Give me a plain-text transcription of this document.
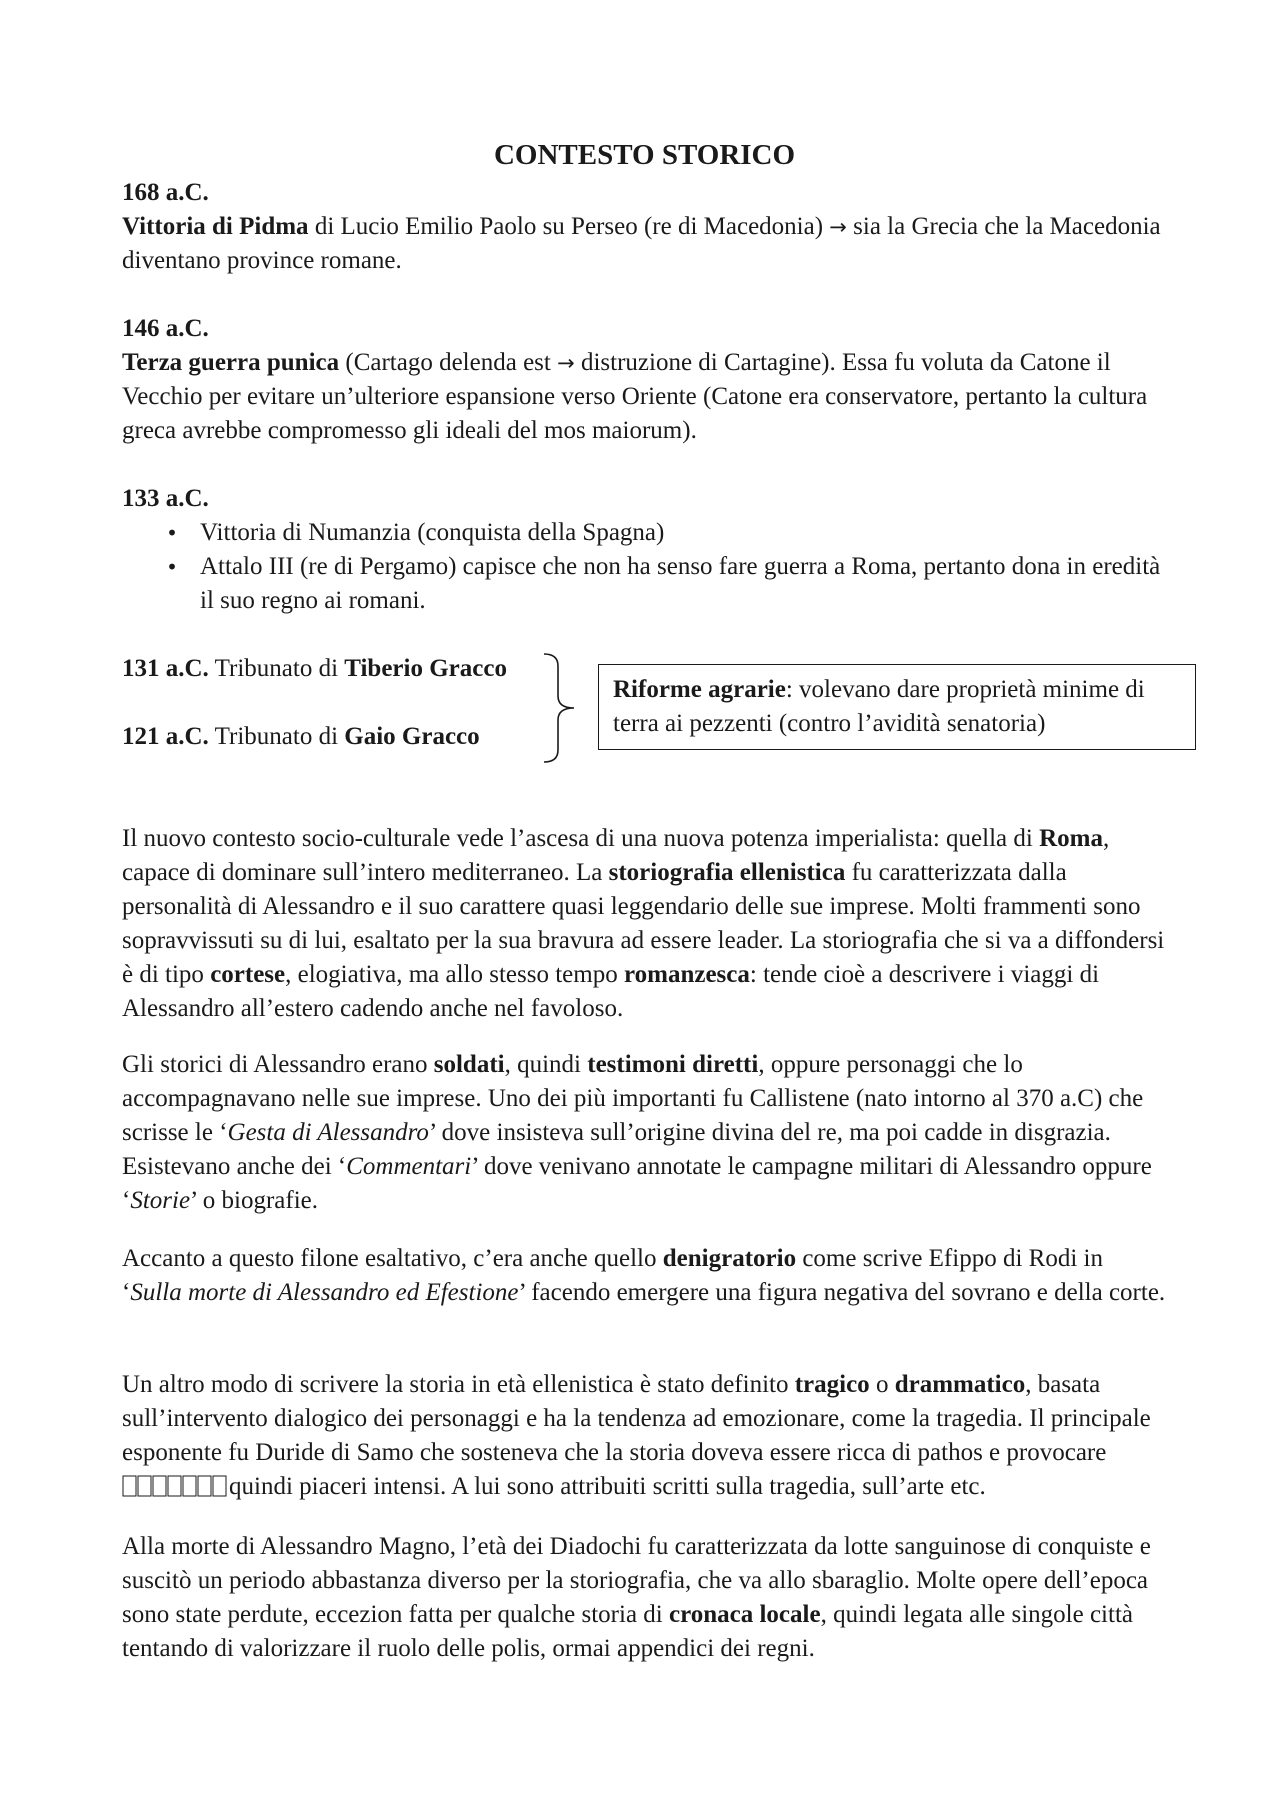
CONTESTO STORICO
168 a.C.
Vittoria di Pidma di Lucio Emilio Paolo su Perseo (re di Macedonia) → sia la Grecia che la Macedonia diventano province romane.
146 a.C.
Terza guerra punica (Cartago delenda est → distruzione di Cartagine). Essa fu voluta da Catone il Vecchio per evitare un’ulteriore espansione verso Oriente (Catone era conservatore, pertanto la cultura greca avrebbe compromesso gli ideali del mos maiorum).
133 a.C.
• Vittoria di Numanzia (conquista della Spagna)
• Attalo III (re di Pergamo) capisce che non ha senso fare guerra a Roma, pertanto dona in eredità il suo regno ai romani.
131 a.C. Tribunato di Tiberio Gracco
121 a.C. Tribunato di Gaio Gracco
Riforme agrarie: volevano dare proprietà minime di terra ai pezzenti (contro l’avidità senatoria)

Il nuovo contesto socio-culturale vede l’ascesa di una nuova potenza imperialista: quella di Roma, capace di dominare sull’intero mediterraneo. La storiografia ellenistica fu caratterizzata dalla personalità di Alessandro e il suo carattere quasi leggendario delle sue imprese. Molti frammenti sono sopravvissuti su di lui, esaltato per la sua bravura ad essere leader. La storiografia che si va a diffondersi è di tipo cortese, elogiativa, ma allo stesso tempo romanzesca: tende cioè a descrivere i viaggi di Alessandro all’estero cadendo anche nel favoloso.

Gli storici di Alessandro erano soldati, quindi testimoni diretti, oppure personaggi che lo accompagnavano nelle sue imprese. Uno dei più importanti fu Callistene (nato intorno al 370 a.C) che scrisse le ‘Gesta di Alessandro’ dove insisteva sull’origine divina del re, ma poi cadde in disgrazia. Esistevano anche dei ‘Commentari’ dove venivano annotate le campagne militari di Alessandro oppure ‘Storie’ o biografie.

Accanto a questo filone esaltativo, c’era anche quello denigratorio come scrive Efippo di Rodi in ‘Sulla morte di Alessandro ed Efestione’ facendo emergere una figura negativa del sovrano e della corte.

Un altro modo di scrivere la storia in età ellenistica è stato definito tragico o drammatico, basata sull’intervento dialogico dei personaggi e ha la tendenza ad emozionare, come la tragedia. Il principale esponente fu Duride di Samo che sosteneva che la storia doveva essere ricca di pathos e provocare quindi piaceri intensi. A lui sono attribuiti scritti sulla tragedia, sull’arte etc.

Alla morte di Alessandro Magno, l’età dei Diadochi fu caratterizzata da lotte sanguinose di conquiste e suscitò un periodo abbastanza diverso per la storiografia, che va allo sbaraglio. Molte opere dell’epoca sono state perdute, eccezion fatta per qualche storia di cronaca locale, quindi legata alle singole città tentando di valorizzare il ruolo delle polis, ormai appendici dei regni.
